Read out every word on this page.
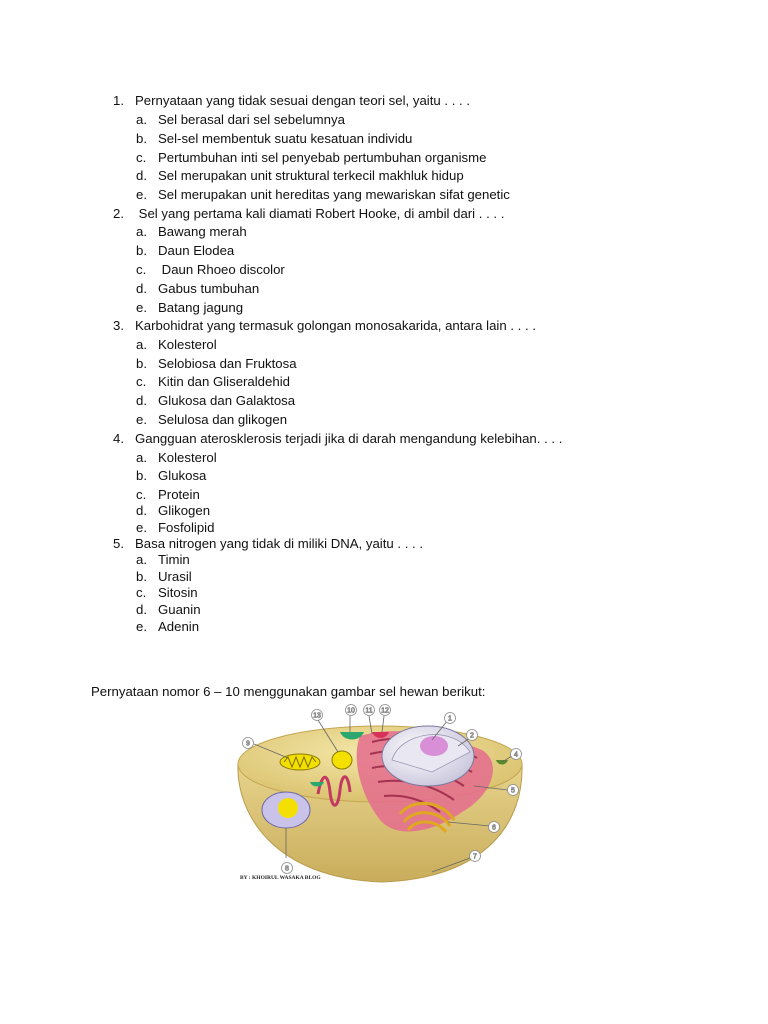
1. Pernyataan yang tidak sesuai dengan teori sel, yaitu . . . .
a. Sel berasal dari sel sebelumnya
b. Sel-sel membentuk suatu kesatuan individu
c. Pertumbuhan inti sel penyebab pertumbuhan organisme
d. Sel merupakan unit struktural terkecil makhluk hidup
e. Sel merupakan unit hereditas yang mewariskan sifat genetic
2. Sel yang pertama kali diamati Robert Hooke, di ambil dari . . . .
a. Bawang merah
b. Daun Elodea
c. Daun Rhoeo discolor
d. Gabus tumbuhan
e. Batang jagung
3. Karbohidrat yang termasuk golongan monosakarida, antara lain . . . .
a. Kolesterol
b. Selobiosa dan Fruktosa
c. Kitin dan Gliseraldehid
d. Glukosa dan Galaktosa
e. Selulosa dan glikogen
4. Gangguan aterosklerosis terjadi jika di darah mengandung kelebihan. . . .
a. Kolesterol
b. Glukosa
c. Protein
d. Glikogen
e. Fosfolipid
5. Basa nitrogen yang tidak di miliki DNA, yaitu . . . .
a. Timin
b. Urasil
c. Sitosin
d. Guanin
e. Adenin
Pernyataan nomor 6 – 10 menggunakan gambar sel hewan berikut:
1
2
4
5
6
7
8
9
10 11 12
13
BY : KHOIRUL WASAKA BLOG
